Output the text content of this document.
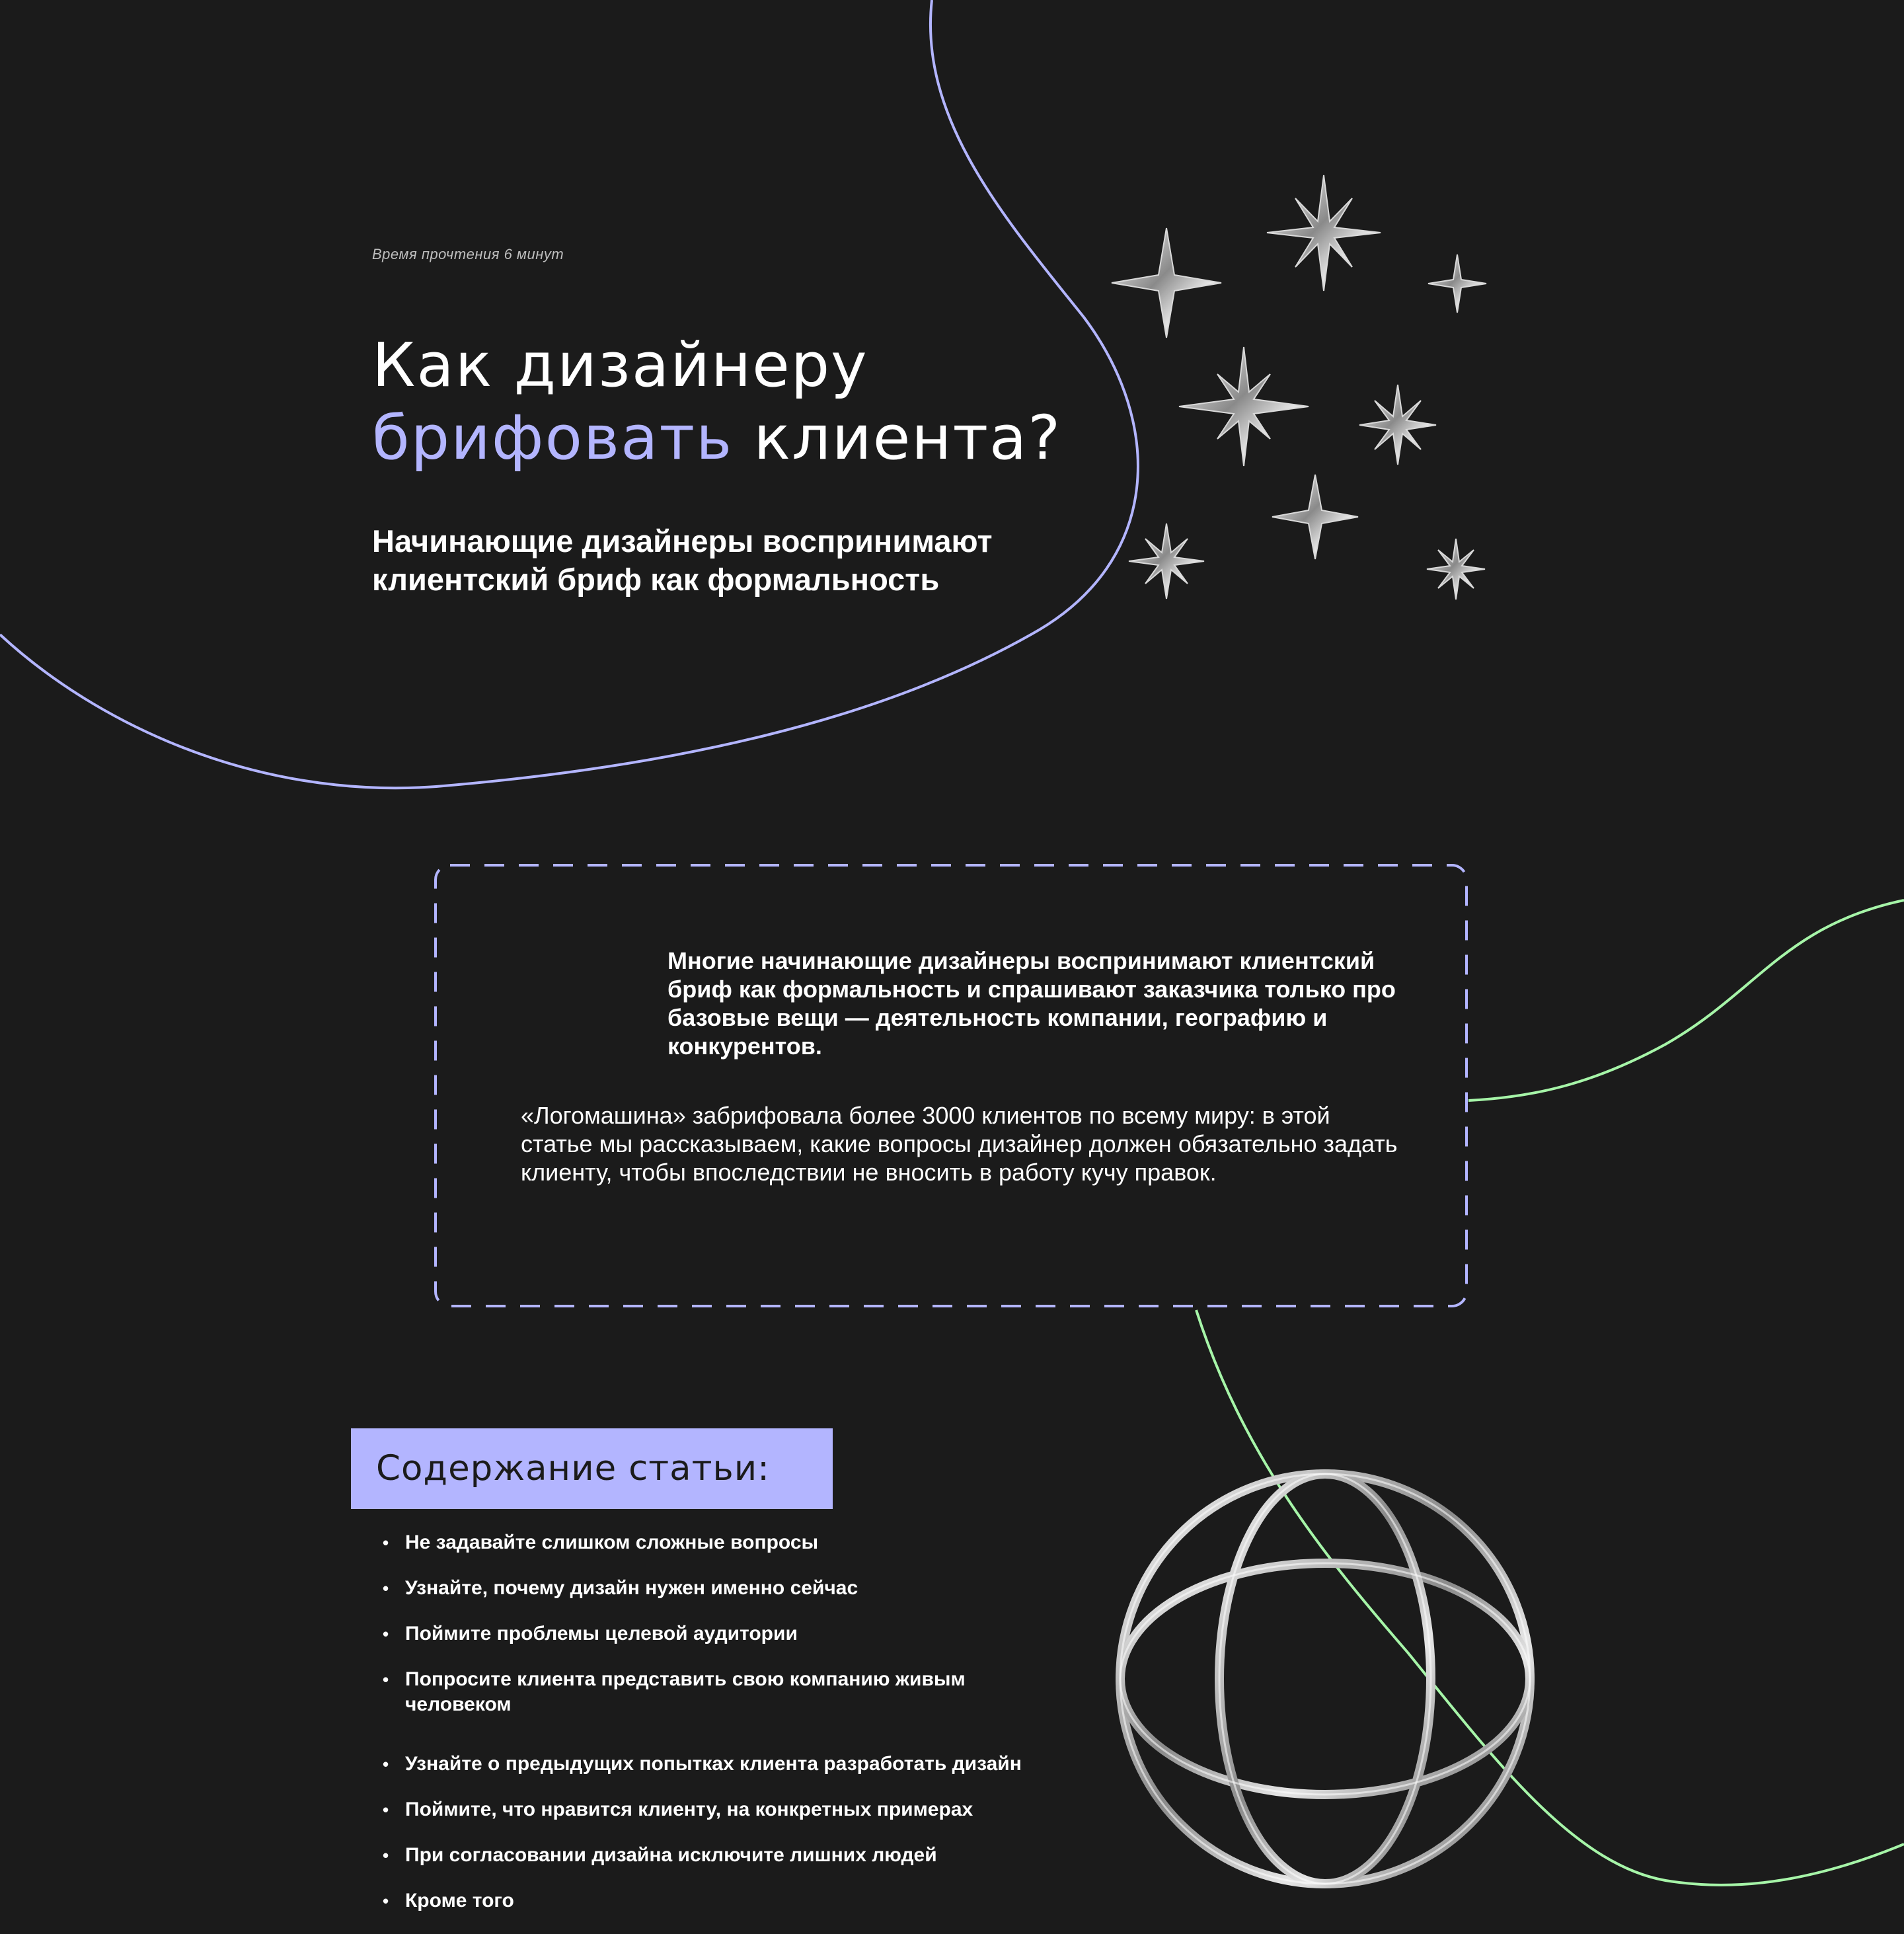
Время прочтения 6 минут
Как дизайнеру
брифовать клиента?
Начинающие дизайнеры воспринимают
клиентский бриф как формальность

Многие начинающие дизайнеры воспринимают клиентский бриф как формальность и спрашивают заказчика только про базовые вещи — деятельность компании, географию и конкурентов.

«Логомашина» забрифовала более 3000 клиентов по всему миру: в этой статье мы рассказываем, какие вопросы дизайнер должен обязательно задать клиенту, чтобы впоследствии не вносить в работу кучу правок.

Содержание статьи:
• Не задавайте слишком сложные вопросы
• Узнайте, почему дизайн нужен именно сейчас
• Поймите проблемы целевой аудитории
• Попросите клиента представить свою компанию живым человеком
• Узнайте о предыдущих попытках клиента разработать дизайн
• Поймите, что нравится клиенту, на конкретных примерах
• При согласовании дизайна исключите лишних людей
• Кроме того
